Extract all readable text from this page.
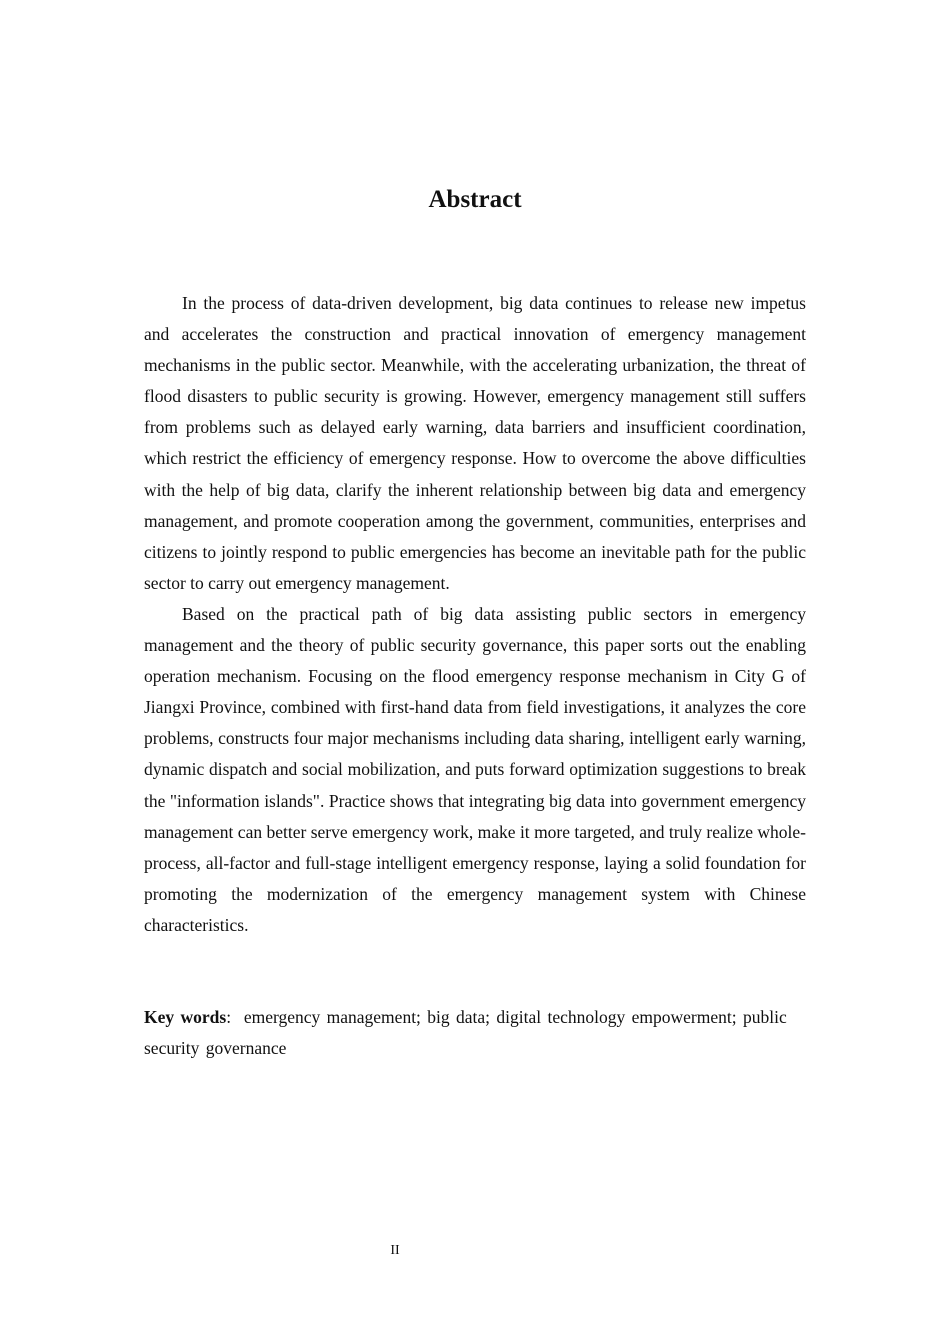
Abstract

In the process of data-driven development, big data continues to release new impetus and accelerates the construction and practical innovation of emergency management mechanisms in the public sector. Meanwhile, with the accelerating urbanization, the threat of flood disasters to public security is growing. However, emergency management still suffers from problems such as delayed early warning, data barriers and insufficient coordination, which restrict the efficiency of emergency response. How to overcome the above difficulties with the help of big data, clarify the inherent relationship between big data and emergency management, and promote cooperation among the government, communities, enterprises and citizens to jointly respond to public emergencies has become an inevitable path for the public sector to carry out emergency management.

Based on the practical path of big data assisting public sectors in emergency management and the theory of public security governance, this paper sorts out the enabling operation mechanism. Focusing on the flood emergency response mechanism in City G of Jiangxi Province, combined with first-hand data from field investigations, it analyzes the core problems, constructs four major mechanisms including data sharing, intelligent early warning, dynamic dispatch and social mobilization, and puts forward optimization suggestions to break the "information islands". Practice shows that integrating big data into government emergency management can better serve emergency work, make it more targeted, and truly realize whole-process, all-factor and full-stage intelligent emergency response, laying a solid foundation for promoting the modernization of the emergency management system with Chinese characteristics.

Key words: emergency management; big data; digital technology empowerment; public security governance

II
